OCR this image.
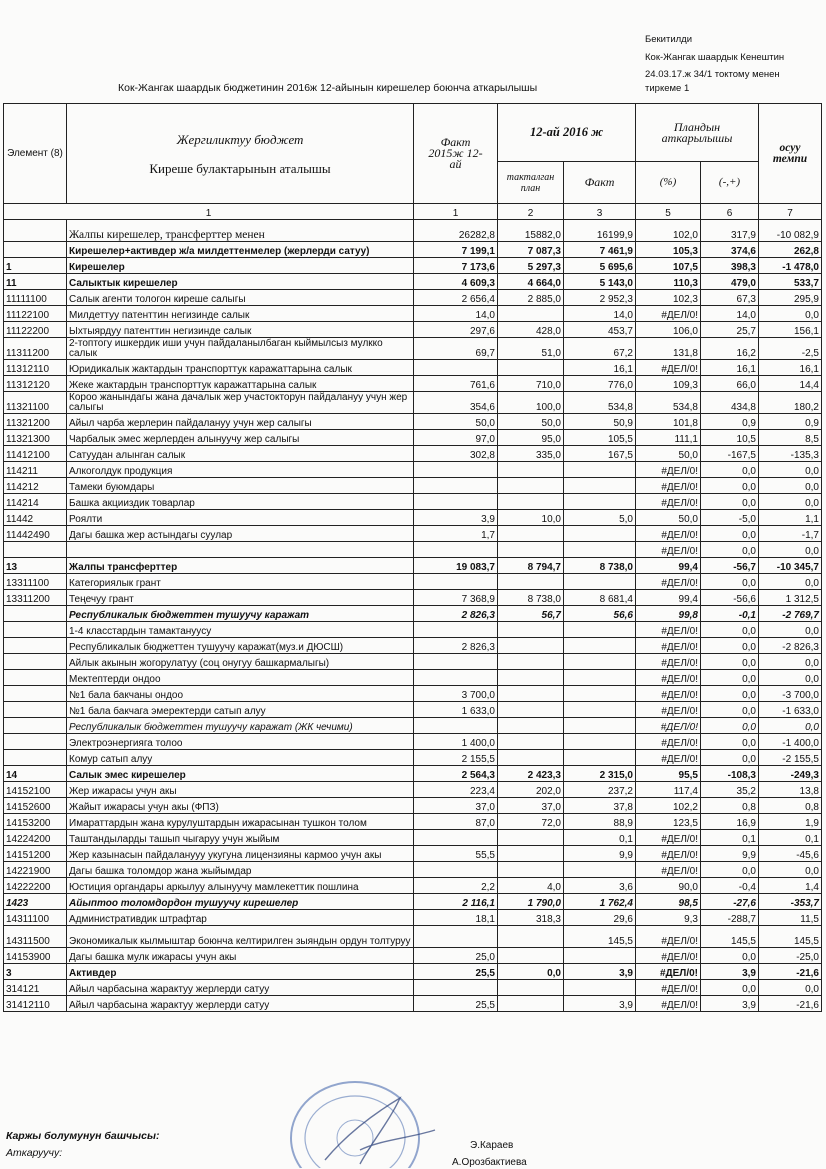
Бекитилди
Кок-Жангак шаардык Кенештин
24.03.17.ж 34/1 токтому менен
тиркеме 1
Кок-Жангак шаардык бюджетинин 2016ж 12-айынын кирешелер боюнча аткарылышы
Элемент (8)	Жергиликтуу бюджет
Киреше булактарынын аталышы	Факт 2015ж 12-ай	12-ай 2016 ж		Пландын аткарылышы		осуу темпи
			такталган план	Факт	(%)	(-,+)	
1		1	2	3	5	6	7
	Жалпы кирешелер, трансферттер менен	26282,8	15882,0	16199,9	102,0	317,9	-10 082,9
	Кирешелер+активдер ж/а милдеттенмелер (жерлерди сатуу)	7 199,1	7 087,3	7 461,9	105,3	374,6	262,8
1	Кирешелер	7 173,6	5 297,3	5 695,6	107,5	398,3	-1 478,0
11	Салыктык кирешелер	4 609,3	4 664,0	5 143,0	110,3	479,0	533,7
11111100	Салык агенти тологон киреше салыгы	2 656,4	2 885,0	2 952,3	102,3	67,3	295,9
11122100	Милдеттуу патенттин негизинде салык	14,0		14,0	#ДЕЛ/0!	14,0	0,0
11122200	Ыхтыярдуу патенттин негизинде салык	297,6	428,0	453,7	106,0	25,7	156,1
11311200	2-топтогу ишкердик иши учун пайдаланылбаган кыймылсыз мулкко салык	69,7	51,0	67,2	131,8	16,2	-2,5
11312110	Юридикалык жактардын транспорттук каражаттарына салык			16,1	#ДЕЛ/0!	16,1	16,1
11312120	Жеке жактардын транспорттук каражаттарына салык	761,6	710,0	776,0	109,3	66,0	14,4
11321100	Короо жанындагы жана дачалык жер участокторун пайдалануу учун жер салыгы	354,6	100,0	534,8	534,8	434,8	180,2
11321200	Айыл чарба жерлерин пайдалануу учун жер салыгы	50,0	50,0	50,9	101,8	0,9	0,9
11321300	Чарбалык эмес жерлерден алынуучу жер салыгы	97,0	95,0	105,5	111,1	10,5	8,5
11412100	Сатуудан алынган салык	302,8	335,0	167,5	50,0	-167,5	-135,3
114211	Алкоголдук продукция				#ДЕЛ/0!	0,0	0,0
114212	Тамеки буюмдары				#ДЕЛ/0!	0,0	0,0
114214	Башка акцииздик товарлар				#ДЕЛ/0!	0,0	0,0
11442	Роялти	3,9	10,0	5,0	50,0	-5,0	1,1
11442490	Дагы башка жер астындагы суулар	1,7			#ДЕЛ/0!	0,0	-1,7
					#ДЕЛ/0!	0,0	0,0
13	Жалпы трансферттер	19 083,7	8 794,7	8 738,0	99,4	-56,7	-10 345,7
13311100	Категориялык грант				#ДЕЛ/0!	0,0	0,0
13311200	Теңечуу грант	7 368,9	8 738,0	8 681,4	99,4	-56,6	1 312,5
	Республикалык бюджеттен тушуучу каражат	2 826,3	56,7	56,6	99,8	-0,1	-2 769,7
	1-4 класстардын тамактануусу				#ДЕЛ/0!	0,0	0,0
	Республикалык бюджеттен тушуучу каражат(муз.и ДЮСШ)	2 826,3			#ДЕЛ/0!	0,0	-2 826,3
	Айлык акынын жогорулатуу (соц онугуу башкармалыгы)				#ДЕЛ/0!	0,0	0,0
	Мектептерди ондоо				#ДЕЛ/0!	0,0	0,0
	№1 бала бакчаны ондоо	3 700,0			#ДЕЛ/0!	0,0	-3 700,0
	№1 бала бакчага эмеректерди сатып алуу	1 633,0			#ДЕЛ/0!	0,0	-1 633,0
	Республикалык бюджеттен тушуучу каражат (ЖК чечими)				#ДЕЛ/0!	0,0	0,0
	Электроэнергияга толоо	1 400,0			#ДЕЛ/0!	0,0	-1 400,0
	Комур сатып алуу	2 155,5			#ДЕЛ/0!	0,0	-2 155,5
14	Салык эмес кирешелер	2 564,3	2 423,3	2 315,0	95,5	-108,3	-249,3
14152100	Жер ижарасы учун акы	223,4	202,0	237,2	117,4	35,2	13,8
14152600	Жайыт ижарасы учун акы (ФПЗ)	37,0	37,0	37,8	102,2	0,8	0,8
14153200	Имараттардын жана курулуштардын ижарасынан тушкон толом	87,0	72,0	88,9	123,5	16,9	1,9
14224200	Таштандыларды ташып чыгаруу учун жыйым			0,1	#ДЕЛ/0!	0,1	0,1
14151200	Жер казынасын пайдаланууу укугуна лицензияны кармоо учун акы	55,5		9,9	#ДЕЛ/0!	9,9	-45,6
14221900	Дагы башка толомдор жана жыйымдар				#ДЕЛ/0!	0,0	0,0
14222200	Юстиция органдары аркылуу алынуучу мамлекеттик пошлина	2,2	4,0	3,6	90,0	-0,4	1,4
1423	Айыптоо толомдордон тушуучу кирешелер	2 116,1	1 790,0	1 762,4	98,5	-27,6	-353,7
14311100	Административдик штрафтар	18,1	318,3	29,6	9,3	-288,7	11,5
14311500	Экономикалык кылмыштар боюнча келтирилген зыяндын ордун толтуруу			145,5	#ДЕЛ/0!	145,5	145,5
14153900	Дагы башка мулк ижарасы учун акы	25,0			#ДЕЛ/0!	0,0	-25,0
3	Активдер	25,5	0,0	3,9	#ДЕЛ/0!	3,9	-21,6
314121	Айыл чарбасына жарактуу жерлерди сатуу				#ДЕЛ/0!	0,0	0,0
31412110	Айыл чарбасына жарактуу жерлерди сатуу	25,5		3,9	#ДЕЛ/0!	3,9	-21,6
Каржы болумунун башчысы:
Аткаруучу:
Э.Караев
А.Орозбактиева
